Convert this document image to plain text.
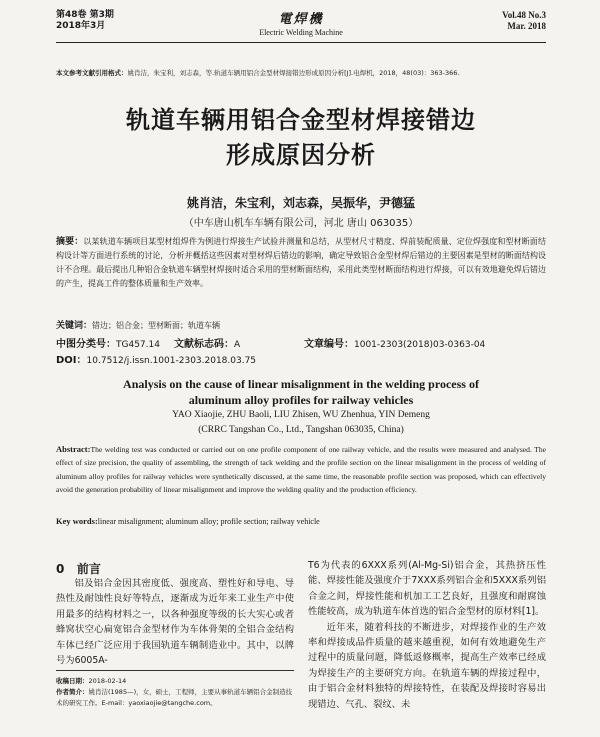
第48卷 第3期
2018年3月	電焊機
Electric Welding Machine
Vol.48 No.3
Mar. 2018
本文参考文献引用格式：姚肖洁，朱宝利，刘志森，等.轨道车辆用铝合金型材焊接错边形成原因分析[J].电焊机，2018，48(03)：363-366.
轨道车辆用铝合金型材焊接错边
形成原因分析
姚肖洁，朱宝利，刘志森，吴振华，尹德猛
（中车唐山机车车辆有限公司，河北 唐山 063035）
摘要：以某轨道车辆项目某型材组焊件为例进行焊接生产试验并测量和总结，从型材尺寸精度、焊前装配质量、定位焊强度和型材断面结构设计等方面进行系统的讨论，分析并概括这些因素对型材焊后错边的影响，确定导致铝合金型材焊后错边的主要因素是型材的断面结构设计不合理。最后提出几种铝合金轨道车辆型材焊接时适合采用的型材断面结构，采用此类型材断面结构进行焊接，可以有效地避免焊后错边的产生，提高工件的整体质量和生产效率。
关键词：错边；铝合金；型材断面；轨道车辆
中图分类号：TG457.14 文献标志码：A	文章编号：1001-2303(2018)03-0363-04
DOI：10.7512/j.issn.1001-2303.2018.03.75
Analysis on the cause of linear misalignment in the welding process of
aluminum alloy profiles for railway vehicles
YAO Xiaojie, ZHU Baoli, LIU Zhisen, WU Zhenhua, YIN Demeng
(CRRC Tangshan Co., Ltd., Tangshan 063035, China)
Abstract:The welding test was conducted or carried out on one profile component of one railway vehicle, and the results were measured and analysed. The effect of size precision, the quality of assembling, the strength of tack welding and the profile section on the linear misalignment in the process of welding of aluminum alloy profiles for railway vehicles were synthetically discussed, at the same time, the reasonable profile section was proposed, which can effectively avoid the generation probability of linear misalignment and improve the welding quality and the production efficiency.
Key words:linear misalignment; aluminum alloy; profile section; railway vehicle
0 前言

铝及铝合金因其密度低、强度高、塑性好和导电、导热性及耐蚀性良好等特点，逐渐成为近年来工业生产中使用最多的结构材料之一，以各种强度等级的长大实心或者蜂窝状空心扁宽铝合金型材作为车体骨架的全铝合金结构车体已经广泛应用于我国轨道车辆制造业中。其中，以牌号为6005A-

T6为代表的6XXX系列(Al-Mg-Si)铝合金，其热挤压性能、焊接性能及强度介于7XXX系列铝合金和5XXX系列铝合金之间，焊接性能和机加工工艺良好，且强度和耐腐蚀性能较高，成为轨道车体首选的铝合金型材的原材料[1]。

近年来，随着科技的不断进步，对焊接作业的生产效率和焊接成品件质量的越来越重视，如何有效地避免生产过程中的质量问题，降低返修概率，提高生产效率已经成为焊接生产的主要研究方向。在轨道车辆的焊接过程中，由于铝合金材料独特的焊接特性，在装配及焊接时容易出现错边、气孔、裂纹、未

收稿日期：2018-02-14
作者简介：姚肖洁(1985—)，女，硕士，工程师，主要从事轨道车辆铝合金制造技术的研究工作。E-mail：yaoxiaojie@tangche.com。
